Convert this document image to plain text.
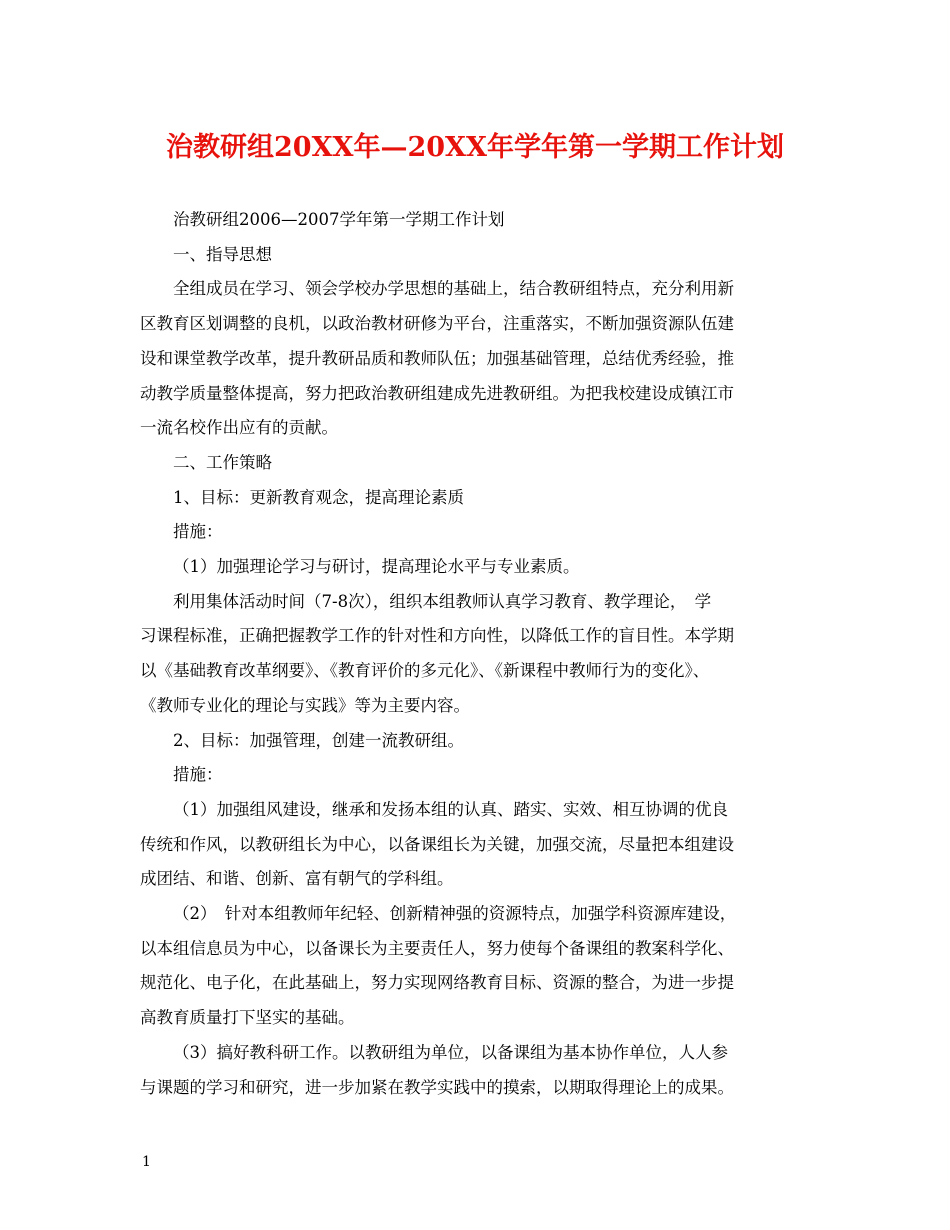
治教研组20XX年—20XX年学年第一学期工作计划
治教研组2006—2007学年第一学期工作计划
一、指导思想
全组成员在学习、领会学校办学思想的基础上，结合教研组特点，充分利用新
区教育区划调整的良机，以政治教材研修为平台，注重落实，不断加强资源队伍建
设和课堂教学改革，提升教研品质和教师队伍；加强基础管理，总结优秀经验，推
动教学质量整体提高，努力把政治教研组建成先进教研组。为把我校建设成镇江市
一流名校作出应有的贡献。
二、工作策略
1、目标：更新教育观念，提高理论素质
措施：
（1）加强理论学习与研讨，提高理论水平与专业素质。
利用集体活动时间（7-8次），组织本组教师认真学习教育、教学理论，　学
习课程标准，正确把握教学工作的针对性和方向性，以降低工作的盲目性。本学期
以《基础教育改革纲要》、《教育评价的多元化》、《新课程中教师行为的变化》、
《教师专业化的理论与实践》等为主要内容。
2、目标：加强管理，创建一流教研组。
措施：
（1）加强组风建设，继承和发扬本组的认真、踏实、实效、相互协调的优良
传统和作风，以教研组长为中心，以备课组长为关键，加强交流，尽量把本组建设
成团结、和谐、创新、富有朝气的学科组。
（2）　针对本组教师年纪轻、创新精神强的资源特点，加强学科资源库建设，
以本组信息员为中心，以备课长为主要责任人，努力使每个备课组的教案科学化、
规范化、电子化，在此基础上，努力实现网络教育目标、资源的整合，为进一步提
高教育质量打下坚实的基础。
（3）搞好教科研工作。以教研组为单位，以备课组为基本协作单位，人人参
与课题的学习和研究，进一步加紧在教学实践中的摸索，以期取得理论上的成果。

1
